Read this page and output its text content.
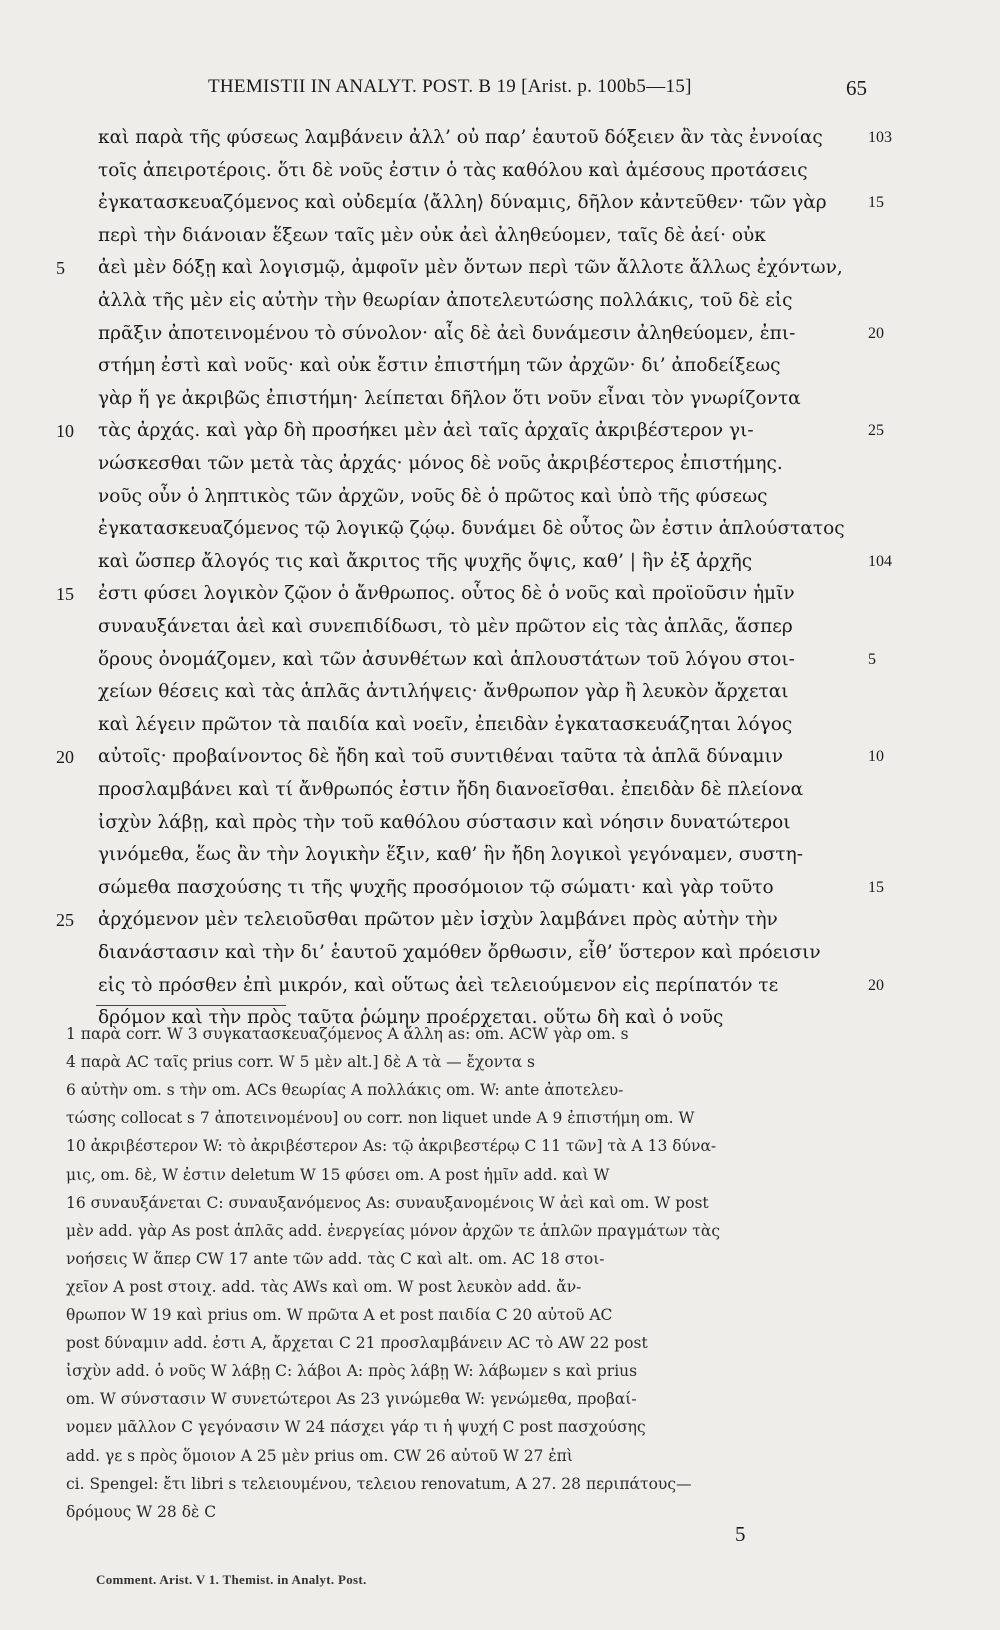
THEMISTII IN ANALYT. POST. B 19 [Arist. p. 100b5—15]	65
καὶ παρὰ τῆς φύσεως λαμβάνειν ἀλλ’ οὐ παρ’ ἑαυτοῦ δόξειεν ἂν τὰς ἐννοίας	103
τοῖς ἀπειροτέροις. ὅτι δὲ νοῦς ἐστιν ὁ τὰς καθόλου καὶ ἀμέσους προτάσεις
ἐγκατασκευαζόμενος καὶ οὐδεμία ⟨ἄλλη⟩ δύναμις, δῆλον κἀντεῦθεν· τῶν γὰρ	15
περὶ τὴν διάνοιαν ἕξεων ταῖς μὲν οὐκ ἀεὶ ἀληθεύομεν, ταῖς δὲ ἀεί· οὐκ
5	ἀεὶ μὲν δόξῃ καὶ λογισμῷ, ἀμφοῖν μὲν ὄντων περὶ τῶν ἄλλοτε ἄλλως ἐχόντων,
ἀλλὰ τῆς μὲν εἰς αὐτὴν τὴν θεωρίαν ἀποτελευτώσης πολλάκις, τοῦ δὲ εἰς
πρᾶξιν ἀποτεινομένου τὸ σύνολον· αἷς δὲ ἀεὶ δυνάμεσιν ἀληθεύομεν, ἐπι-	20
στήμη ἐστὶ καὶ νοῦς· καὶ οὐκ ἔστιν ἐπιστήμη τῶν ἀρχῶν· δι’ ἀποδείξεως
γὰρ ἥ γε ἀκριβῶς ἐπιστήμη· λείπεται δῆλον ὅτι νοῦν εἶναι τὸν γνωρίζοντα
10	τὰς ἀρχάς. καὶ γὰρ δὴ προσήκει μὲν ἀεὶ ταῖς ἀρχαῖς ἀκριβέστερον γι-	25
νώσκεσθαι τῶν μετὰ τὰς ἀρχάς· μόνος δὲ νοῦς ἀκριβέστερος ἐπιστήμης.
νοῦς οὖν ὁ ληπτικὸς τῶν ἀρχῶν, νοῦς δὲ ὁ πρῶτος καὶ ὑπὸ τῆς φύσεως
ἐγκατασκευαζόμενος τῷ λογικῷ ζῴῳ. δυνάμει δὲ οὗτος ὢν ἐστιν ἁπλούστατος
καὶ ὥσπερ ἄλογός τις καὶ ἄκριτος τῆς ψυχῆς ὄψις, καθ’ | ἣν ἐξ ἀρχῆς	104
15	ἐστι φύσει λογικὸν ζῷον ὁ ἄνθρωπος. οὗτος δὲ ὁ νοῦς καὶ προϊοῦσιν ἡμῖν
συναυξάνεται ἀεὶ καὶ συνεπιδίδωσι, τὸ μὲν πρῶτον εἰς τὰς ἁπλᾶς, ἅσπερ
ὅρους ὀνομάζομεν, καὶ τῶν ἀσυνθέτων καὶ ἁπλουστάτων τοῦ λόγου στοι-	5
χείων θέσεις καὶ τὰς ἁπλᾶς ἀντιλήψεις· ἄνθρωπον γὰρ ἢ λευκὸν ἄρχεται
καὶ λέγειν πρῶτον τὰ παιδία καὶ νοεῖν, ἐπειδὰν ἐγκατασκευάζηται λόγος
20	αὐτοῖς· προβαίνοντος δὲ ἤδη καὶ τοῦ συντιθέναι ταῦτα τὰ ἁπλᾶ δύναμιν	10
προσλαμβάνει καὶ τί ἄνθρωπός ἐστιν ἤδη διανοεῖσθαι. ἐπειδὰν δὲ πλείονα
ἰσχὺν λάβῃ, καὶ πρὸς τὴν τοῦ καθόλου σύστασιν καὶ νόησιν δυνατώτεροι
γινόμεθα, ἕως ἂν τὴν λογικὴν ἕξιν, καθ’ ἣν ἤδη λογικοὶ γεγόναμεν, συστη-
σώμεθα πασχούσης τι τῆς ψυχῆς προσόμοιον τῷ σώματι· καὶ γὰρ τοῦτο	15
25	ἀρχόμενον μὲν τελειοῦσθαι πρῶτον μὲν ἰσχὺν λαμβάνει πρὸς αὐτὴν τὴν
διανάστασιν καὶ τὴν δι’ ἑαυτοῦ χαμόθεν ὄρθωσιν, εἶθ’ ὕστερον καὶ πρόεισιν
εἰς τὸ πρόσθεν ἐπὶ μικρόν, καὶ οὕτως ἀεὶ τελειούμενον εἰς περίπατόν τε	20
δρόμον καὶ τὴν πρὸς ταῦτα ῥώμην προέρχεται. οὕτω δὴ καὶ ὁ νοῦς
1 παρὰ corr. W 3 συγκατασκευαζόμενος A ἄλλη as: om. ACW γὰρ om. s
4 παρὰ AC ταῖς prius corr. W 5 μὲν alt.] δὲ A τὰ — ἔχοντα s
6 αὐτὴν om. s τὴν om. ACs θεωρίας A πολλάκις om. W: ante ἀποτελευ-
τώσης collocat s 7 ἀποτεινομένου] ου corr. non liquet unde A 9 ἐπιστήμη om. W
10 ἀκριβέστερον W: τὸ ἀκριβέστερον As: τῷ ἀκριβεστέρῳ C 11 τῶν] τὰ A 13 δύνα-
μις, om. δὲ, W ἐστιν deletum W 15 φύσει om. A post ἡμῖν add. καὶ W
16 συναυξάνεται C: συναυξανόμενος As: συναυξανομένοις W ἀεὶ καὶ om. W post
μὲν add. γὰρ As post ἁπλᾶς add. ἐνεργείας μόνον ἀρχῶν τε ἁπλῶν πραγμάτων τὰς
νοήσεις W ἅπερ CW 17 ante τῶν add. τὰς C καὶ alt. om. AC 18 στοι-
χεῖον A post στοιχ. add. τὰς AWs καὶ om. W post λευκὸν add. ἄν-
θρωπον W 19 καὶ prius om. W πρῶτα A et post παιδία C 20 αὐτοῦ AC
post δύναμιν add. ἐστι A, ἄρχεται C 21 προσλαμβάνειν AC τὸ AW 22 post
ἰσχὺν add. ὁ νοῦς W λάβῃ C: λάβοι A: πρὸς λάβῃ W: λάβωμεν s καὶ prius
om. W σύνστασιν W συνετώτεροι As 23 γινώμεθα W: γενώμεθα, προβαί-
νομεν μᾶλλον C γεγόνασιν W 24 πάσχει γάρ τι ἡ ψυχή C post πασχούσης
add. γε s πρὸς ὅμοιον A 25 μὲν prius om. CW 26 αὐτοῦ W 27 ἐπὶ
ci. Spengel: ἔτι libri s τελειουμένου, τελειου renovatum, A 27. 28 περιπάτους—
δρόμους W 28 δὲ C
5
Comment. Arist. V 1. Themist. in Analyt. Post.
